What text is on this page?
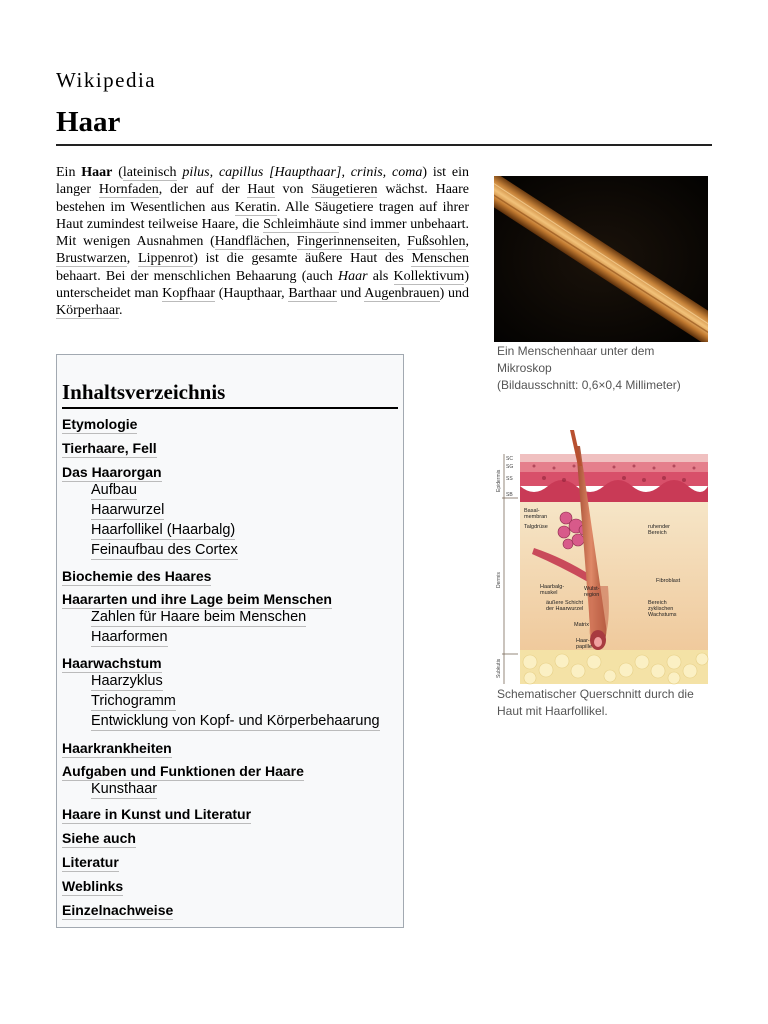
Wikipedia
Haar

Ein Haar (lateinisch pilus, capillus [Haupthaar], crinis, coma) ist ein langer Hornfaden, der auf der Haut von Säugetieren wächst. Haare bestehen im Wesentlichen aus Keratin. Alle Säugetiere tragen auf ihrer Haut zumindest teilweise Haare, die Schleimhäute sind immer unbehaart. Mit wenigen Ausnahmen (Handflächen, Fingerinnenseiten, Fußsohlen, Brustwarzen, Lippenrot) ist die gesamte äußere Haut des Menschen behaart. Bei der menschlichen Behaarung (auch Haar als Kollektivum) unterscheidet man Kopfhaar (Haupthaar, Barthaar und Augenbrauen) und Körperhaar.

Inhaltsverzeichnis
Etymologie
Tierhaare, Fell
Das Haarorgan
Aufbau
Haarwurzel
Haarfollikel (Haarbalg)
Feinaufbau des Cortex
Biochemie des Haares
Haararten und ihre Lage beim Menschen
Zahlen für Haare beim Menschen
Haarformen
Haarwachstum
Haarzyklus
Trichogramm
Entwicklung von Kopf- und Körperbehaarung
Haarkrankheiten
Aufgaben und Funktionen der Haare
Kunsthaar
Haare in Kunst und Literatur
Siehe auch
Literatur
Weblinks
Einzelnachweise
Ein Menschenhaar unter dem Mikroskop
(Bildausschnitt: 0,6×0,4 Millimeter)
SC
SG
SS
SB
Epidermis
Dermis
Subkutis
Basal-membran
Talgdrüse	ruhender Bereich
Haarbalg-muskel
Wulst-region
äußere Schicht der Haarwurzel
Fibroblast
Bereich zyklischen Wachstums
Matrix
Haar-papille
Schematischer Querschnitt durch die Haut mit Haarfollikel.
